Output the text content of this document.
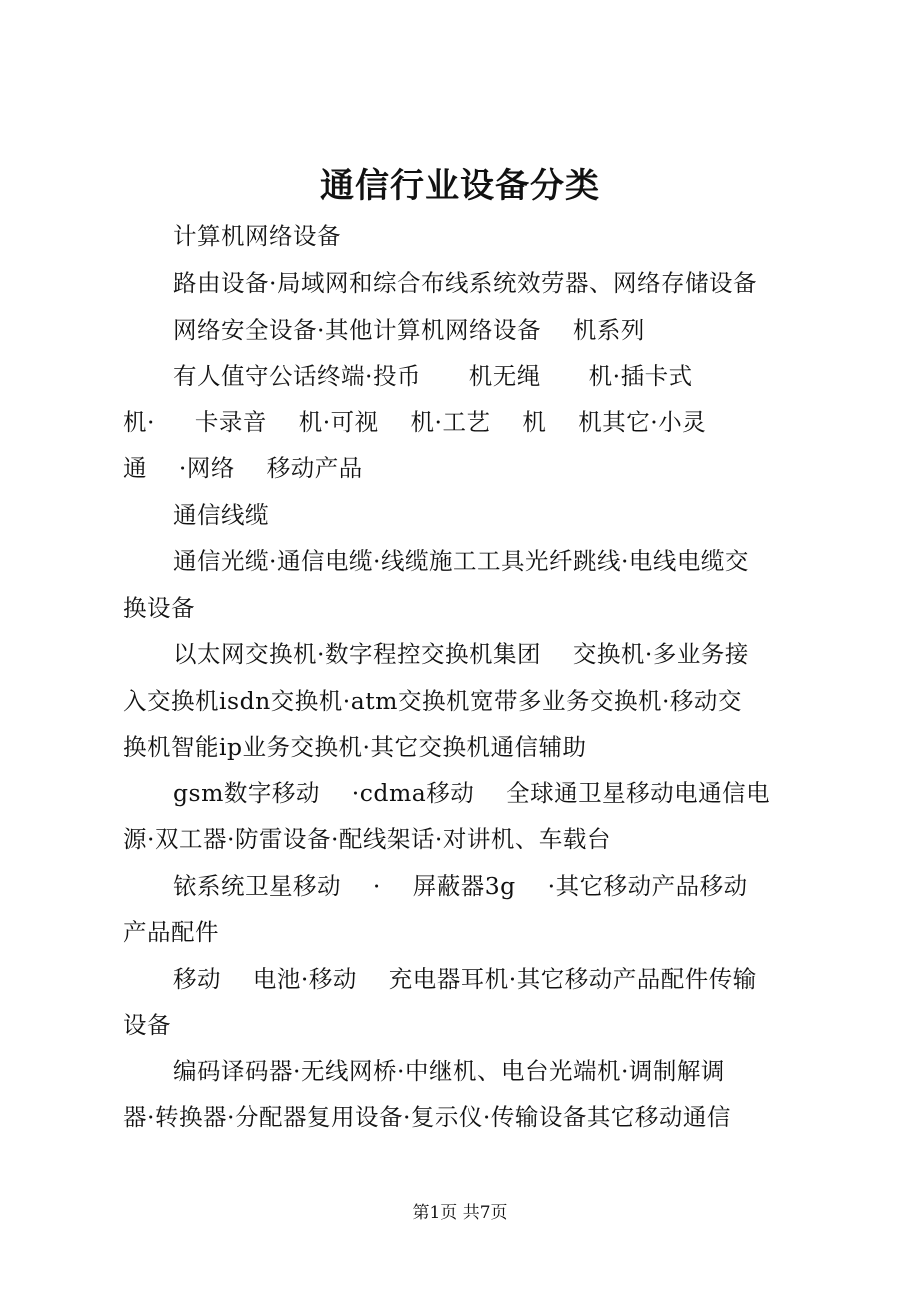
通信行业设备分类
计算机网络设备
路由设备·局域网和综合布线系统效劳器、网络存储设备
网络安全设备·其他计算机网络设备    机系列
有人值守公话终端·投币      机无绳      机·插卡式
机·     卡录音    机·可视    机·工艺    机    机其它·小灵
通    ·网络    移动产品
通信线缆
通信光缆·通信电缆·线缆施工工具光纤跳线·电线电缆交
换设备
以太网交换机·数字程控交换机集团    交换机·多业务接
入交换机isdn交换机·atm交换机宽带多业务交换机·移动交
换机智能ip业务交换机·其它交换机通信辅助
gsm数字移动    ·cdma移动    全球通卫星移动电通信电
源·双工器·防雷设备·配线架话·对讲机、车载台
铱系统卫星移动    ·    屏蔽器3g    ·其它移动产品移动
产品配件
移动    电池·移动    充电器耳机·其它移动产品配件传输
设备
编码译码器·无线网桥·中继机、电台光端机·调制解调
器·转换器·分配器复用设备·复示仪·传输设备其它移动通信
第1页 共7页
